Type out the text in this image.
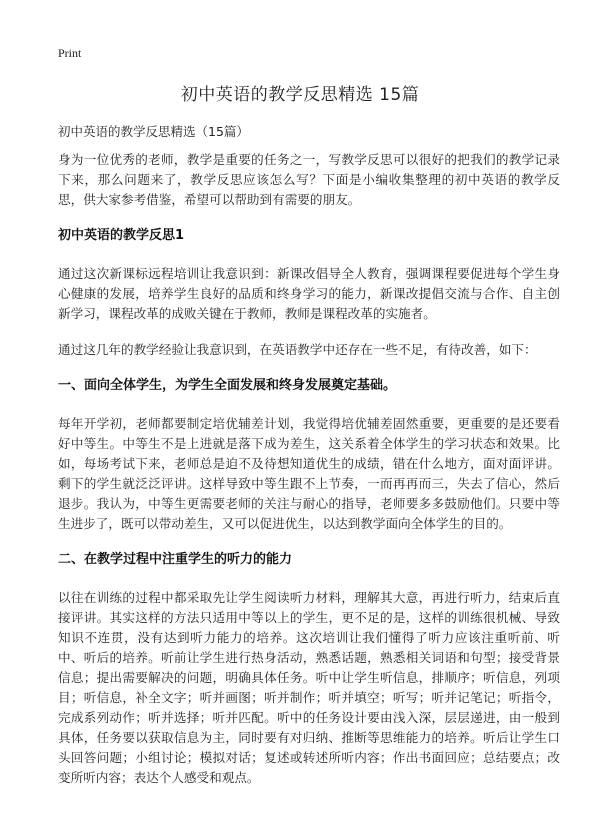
Print
初中英语的教学反思精选 15篇
初中英语的教学反思精选（15篇）

身为一位优秀的老师，教学是重要的任务之一，写教学反思可以很好的把我们的教学记录下来，那么问题来了，教学反思应该怎么写？下面是小编收集整理的初中英语的教学反思，供大家参考借鉴，希望可以帮助到有需要的朋友。

初中英语的教学反思1

通过这次新课标远程培训让我意识到：新课改倡导全人教育，强调课程要促进每个学生身心健康的发展，培养学生良好的品质和终身学习的能力，新课改提倡交流与合作、自主创新学习，课程改革的成败关键在于教师，教师是课程改革的实施者。

通过这几年的教学经验让我意识到，在英语教学中还存在一些不足，有待改善，如下：

一、面向全体学生，为学生全面发展和终身发展奠定基础。

每年开学初，老师都要制定培优辅差计划，我觉得培优辅差固然重要，更重要的是还要看好中等生。中等生不是上进就是落下成为差生，这关系着全体学生的学习状态和效果。比如，每场考试下来，老师总是迫不及待想知道优生的成绩，错在什么地方，面对面评讲。剩下的学生就泛泛评讲。这样导致中等生跟不上节奏，一而再再而三，失去了信心，然后退步。我认为，中等生更需要老师的关注与耐心的指导，老师要多多鼓励他们。只要中等生进步了，既可以带动差生，又可以促进优生，以达到教学面向全体学生的目的。

二、在教学过程中注重学生的听力的能力

以往在训练的过程中都采取先让学生阅读听力材料，理解其大意，再进行听力，结束后直接评讲。其实这样的方法只适用中等以上的学生，更不足的是，这样的训练很机械、导致知识不连贯，没有达到听力能力的培养。这次培训让我们懂得了听力应该注重听前、听中、听后的培养。听前让学生进行热身活动，熟悉话题，熟悉相关词语和句型；接受背景信息；提出需要解决的问题，明确具体任务。听中让学生听信息，排顺序；听信息，列项目；听信息，补全文字；听并画图；听并制作；听并填空；听写；听并记笔记；听指令，完成系列动作；听并选择；听并匹配。听中的任务设计要由浅入深，层层递进，由一般到具体，任务要以获取信息为主，同时要有对归纳、推断等思维能力的培养。听后让学生口头回答问题；小组讨论；模拟对话；复述或转述所听内容；作出书面回应；总结要点；改变所听内容；表达个人感受和观点。
